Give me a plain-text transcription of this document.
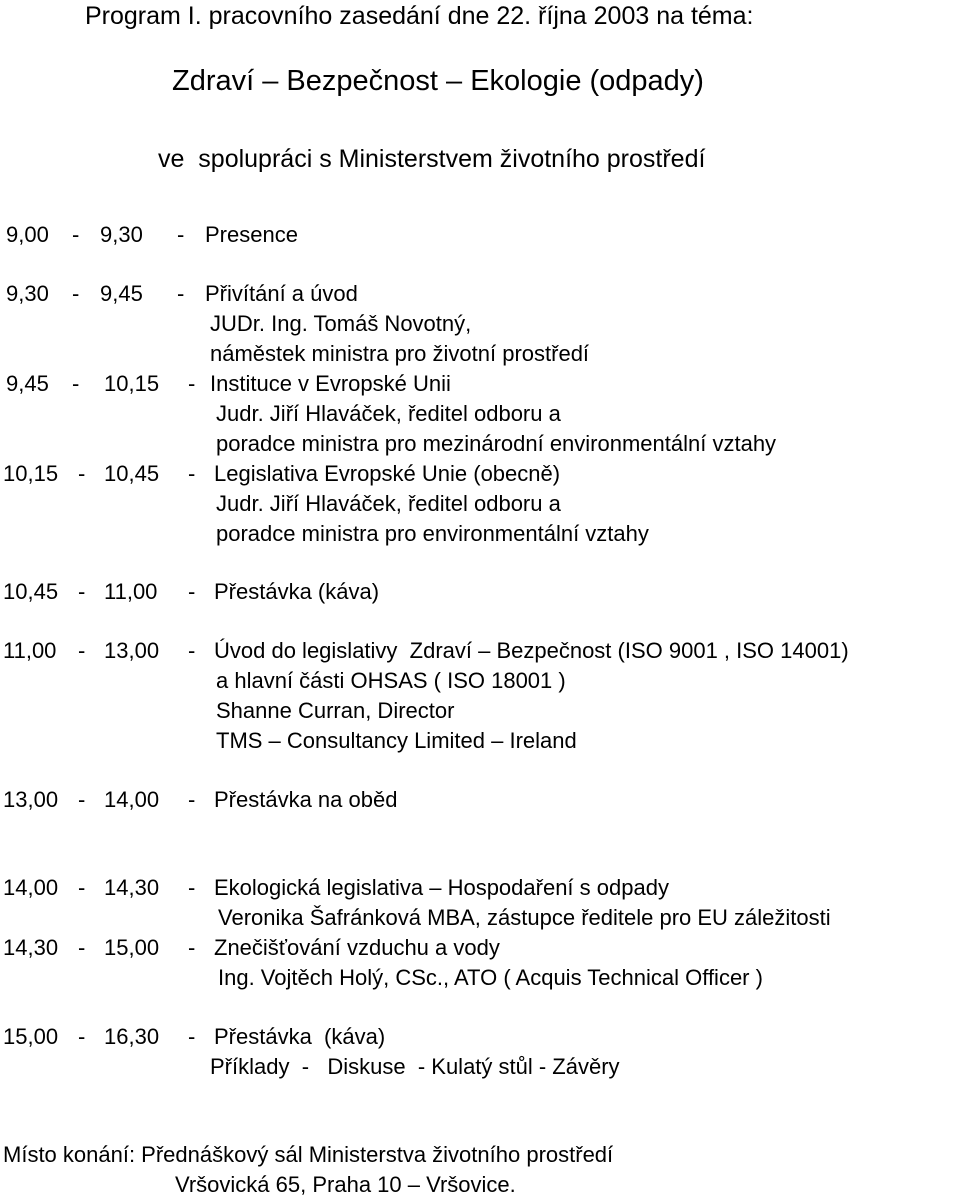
Program I. pracovního zasedání dne 22. října 2003 na téma:

Zdraví – Bezpečnost – Ekologie (odpady)

ve  spolupráci s Ministerstvem životního prostředí

9,00 - 9,30 - Presence

9,30 - 9,45 - Přivítání a úvod

JUDr. Ing. Tomáš Novotný,

náměstek ministra pro životní prostředí

9,45 - 10,15 - Instituce v Evropské Unii

Judr. Jiří Hlaváček, ředitel odboru a

poradce ministra pro mezinárodní environmentální vztahy

10,15 - 10,45 - Legislativa Evropské Unie (obecně)

Judr. Jiří Hlaváček, ředitel odboru a

poradce ministra pro environmentální vztahy

10,45 - 11,00 - Přestávka (káva)

11,00 - 13,00 - Úvod do legislativy  Zdraví – Bezpečnost (ISO 9001 , ISO 14001)

a hlavní části OHSAS ( ISO 18001 )

Shanne Curran, Director

TMS – Consultancy Limited – Ireland

13,00 - 14,00 - Přestávka na oběd

14,00 - 14,30 - Ekologická legislativa – Hospodaření s odpady

Veronika Šafránková MBA, zástupce ředitele pro EU záležitosti

14,30 - 15,00 - Znečišťování vzduchu a vody

Ing. Vojtěch Holý, CSc., ATO ( Acquis Technical Officer )

15,00 - 16,30 - Přestávka  (káva)

Příklady  -   Diskuse  - Kulatý stůl - Závěry

Místo konání: Přednáškový sál Ministerstva životního prostředí

Vršovická 65, Praha 10 – Vršovice.
